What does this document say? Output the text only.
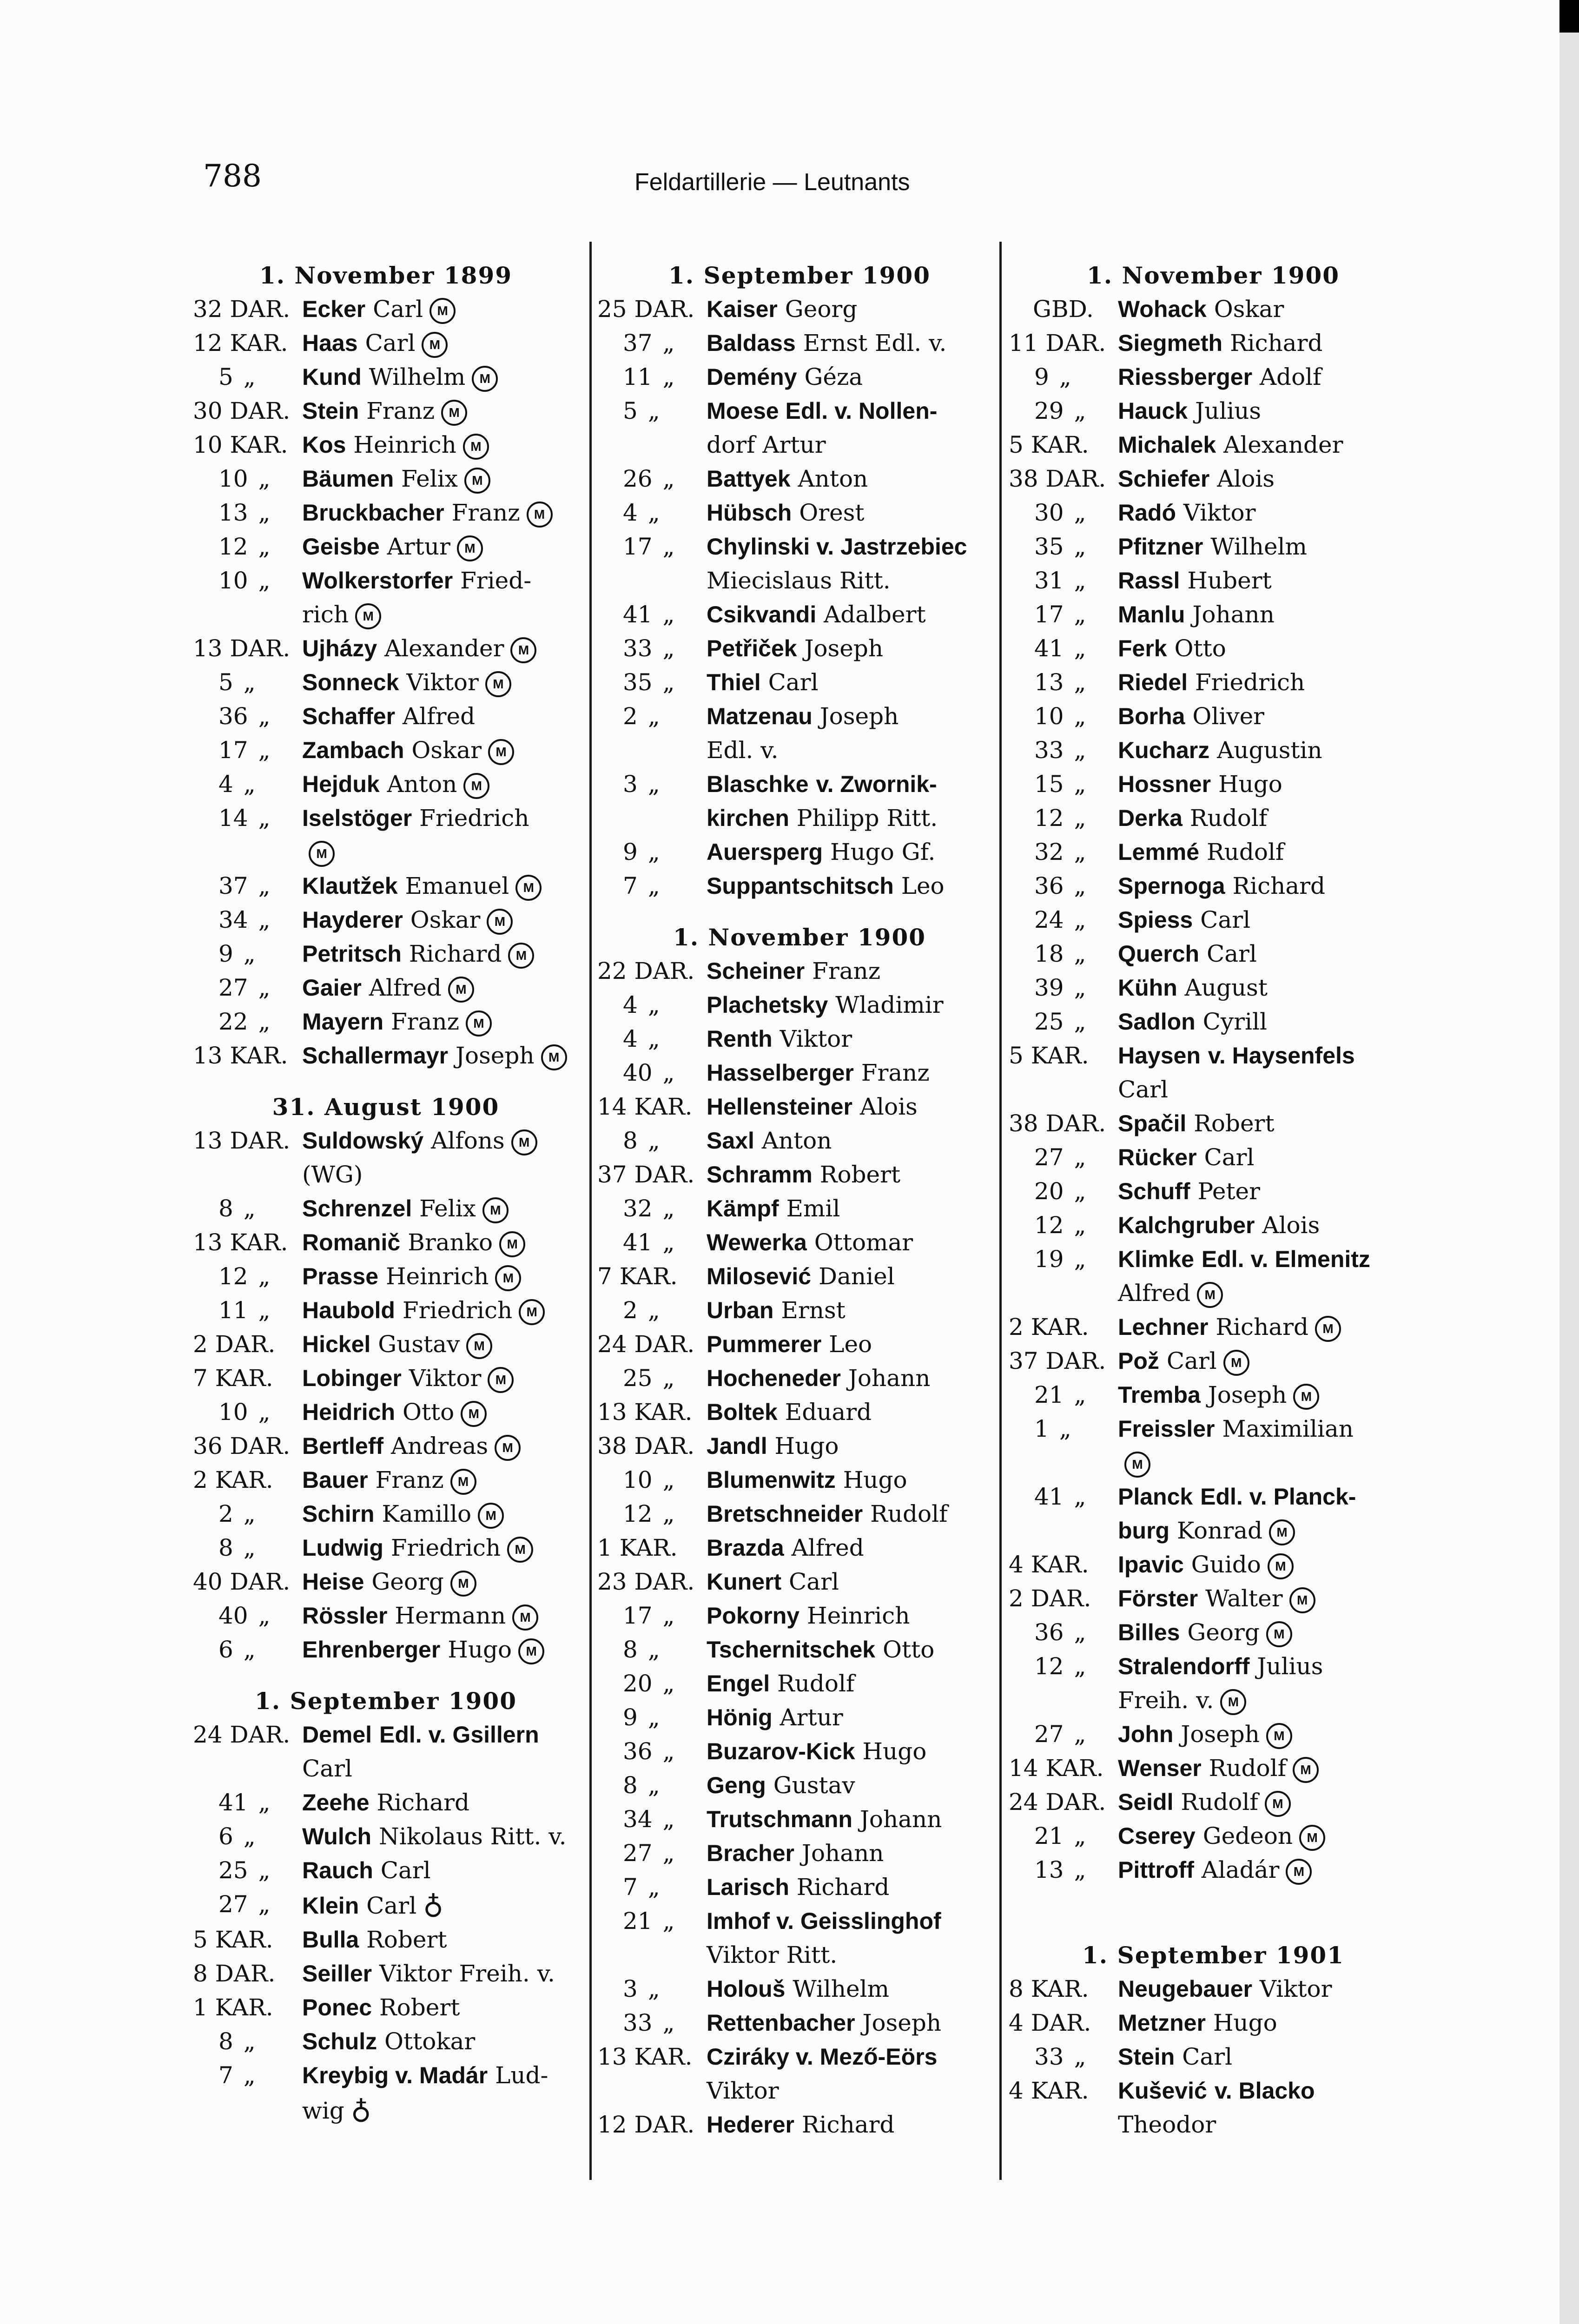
788	Feldartillerie — Leutnants
1. November 1899
32 DAR. Ecker Carl M
12 KAR. Haas Carl M
5 „	Kund Wilhelm M
30 DAR. Stein Franz M
10 KAR. Kos Heinrich M
10 „	Bäumen Felix M
13 „	Bruckbacher Franz M
12 „	Geisbe Artur M
10 „	Wolkerstorfer Fried-
rich M
13 DAR. Ujházy Alexander M
5 „	Sonneck Viktor M
36 „	Schaffer Alfred
17 „	Zambach Oskar M
4 „	Hejduk Anton M
14 „	Iselstöger Friedrich
M
37 „	Klautžek Emanuel M
34 „	Hayderer Oskar M
9 „	Petritsch Richard M
27 „	Gaier Alfred M
22 „	Mayern Franz M
13 KAR. Schallermayr Joseph M
31. August 1900
13 DAR. Suldowský Alfons M
(WG)
8 „	Schrenzel Felix M
13 KAR. Romanič Branko M
12 „	Prasse Heinrich M
11 „	Haubold Friedrich M
2 DAR.	Hickel Gustav M
7 KAR.	Lobinger Viktor M
10 „	Heidrich Otto M
36 DAR. Bertleff Andreas M
2 KAR.	Bauer Franz M
2 „	Schirn Kamillo M
8 „	Ludwig Friedrich M
40 DAR. Heise Georg M
40 „	Rössler Hermann M
6 „	Ehrenberger Hugo M
1. September 1900
24 DAR. Demel Edl. v. Gsillern
Carl
41 „	Zeehe Richard
6 „	Wulch Nikolaus Ritt. v.
25 „	Rauch Carl
27 „	Klein Carl ♁
5 KAR.	Bulla Robert
8 DAR.	Seiller Viktor Freih. v.
1 KAR.	Ponec Robert
8 „	Schulz Ottokar
7 „	Kreybig v. Madár Lud-
wig ♁
1. September 1900
25 DAR. Kaiser Georg
37 „	Baldass Ernst Edl. v.
11 „	Demény Géza
5 „	Moese Edl. v. Nollen-
dorf Artur
26 „	Battyek Anton
4 „	Hübsch Orest
17 „	Chylinski v. Jastrzebiec
Miecislaus Ritt.
41 „	Csikvandi Adalbert
33 „	Petřiček Joseph
35 „	Thiel Carl
2 „	Matzenau Joseph
Edl. v.
3 „	Blaschke v. Zwornik-
kirchen Philipp Ritt.
9 „	Auersperg Hugo Gf.
7 „	Suppantschitsch Leo
1. November 1900
22 DAR. Scheiner Franz
4 „	Plachetsky Wladimir
4 „	Renth Viktor
40 „	Hasselberger Franz
14 KAR. Hellensteiner Alois
8 „	Saxl Anton
37 DAR. Schramm Robert
32 „	Kämpf Emil
41 „	Wewerka Ottomar
7 KAR.	Milosević Daniel
2 „	Urban Ernst
24 DAR. Pummerer Leo
25 „	Hocheneder Johann
13 KAR. Boltek Eduard
38 DAR. Jandl Hugo
10 „	Blumenwitz Hugo
12 „	Bretschneider Rudolf
1 KAR.	Brazda Alfred
23 DAR. Kunert Carl
17 „	Pokorny Heinrich
8 „	Tschernitschek Otto
20 „	Engel Rudolf
9 „	Hönig Artur
36 „	Buzarov-Kick Hugo
8 „	Geng Gustav
34 „	Trutschmann Johann
27 „	Bracher Johann
7 „	Larisch Richard
21 „	Imhof v. Geisslinghof
Viktor Ritt.
3 „	Holouš Wilhelm
33 „	Rettenbacher Joseph
13 KAR. Cziráky v. Mező-Eörs
Viktor
12 DAR. Hederer Richard
1. November 1900
GBD.	Wohack Oskar
11 DAR. Siegmeth Richard
9 „	Riessberger Adolf
29 „	Hauck Julius
5 KAR.	Michalek Alexander
38 DAR. Schiefer Alois
30 „	Radó Viktor
35 „	Pfitzner Wilhelm
31 „	Rassl Hubert
17 „	Manlu Johann
41 „	Ferk Otto
13 „	Riedel Friedrich
10 „	Borha Oliver
33 „	Kucharz Augustin
15 „	Hossner Hugo
12 „	Derka Rudolf
32 „	Lemmé Rudolf
36 „	Spernoga Richard
24 „	Spiess Carl
18 „	Querch Carl
39 „	Kühn August
25 „	Sadlon Cyrill
5 KAR.	Haysen v. Haysenfels
Carl
38 DAR. Spačil Robert
27 „	Rücker Carl
20 „	Schuff Peter
12 „	Kalchgruber Alois
19 „	Klimke Edl. v. Elmenitz
Alfred M
2 KAR.	Lechner Richard M
37 DAR. Pož Carl M
21 „	Tremba Joseph M
1 „	Freissler Maximilian
M
41 „	Planck Edl. v. Planck-
burg Konrad M
4 KAR.	Ipavic Guido M
2 DAR.	Förster Walter M
36 „	Billes Georg M
12 „	Stralendorff Julius
Freih. v. M
27 „	John Joseph M
14 KAR. Wenser Rudolf M
24 DAR. Seidl Rudolf M
21 „	Cserey Gedeon M
13 „	Pittroff Aladár M
1. September 1901
8 KAR.	Neugebauer Viktor
4 DAR.	Metzner Hugo
33 „	Stein Carl
4 KAR.	Kušević v. Blacko
Theodor
